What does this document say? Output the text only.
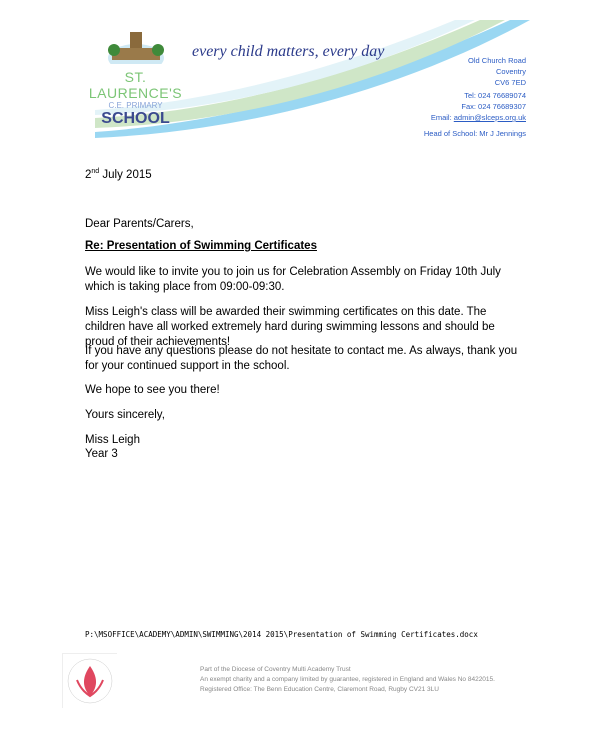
ST. LAURENCE'S
C.E. PRIMARY
SCHOOL
every child matters, every day
Old Church Road
Coventry
CV6 7ED
Tel: 024 76689074
Fax: 024 76689307
Email: admin@slceps.org.uk
Head of School: Mr J Jennings
2nd July 2015
Dear Parents/Carers,
Re: Presentation of Swimming Certificates
We would like to invite you to join us for Celebration Assembly on Friday 10th July which is taking place from 09:00-09:30.
Miss Leigh's class will be awarded their swimming certificates on this date. The children have all worked extremely hard during swimming lessons and should be proud of their achievements!
If you have any questions please do not hesitate to contact me. As always, thank you for your continued support in the school.
We hope to see you there!
Yours sincerely,
Miss Leigh
Year 3
P:\MSOFFICE\ACADEMY\ADMIN\SWIMMING\2014 2015\Presentation of Swimming Certificates.docx
Part of the Diocese of Coventry Multi Academy Trust
An exempt charity and a company limited by guarantee, registered in England and Wales No 8422015.
Registered Office: The Benn Education Centre, Claremont Road, Rugby CV21 3LU
